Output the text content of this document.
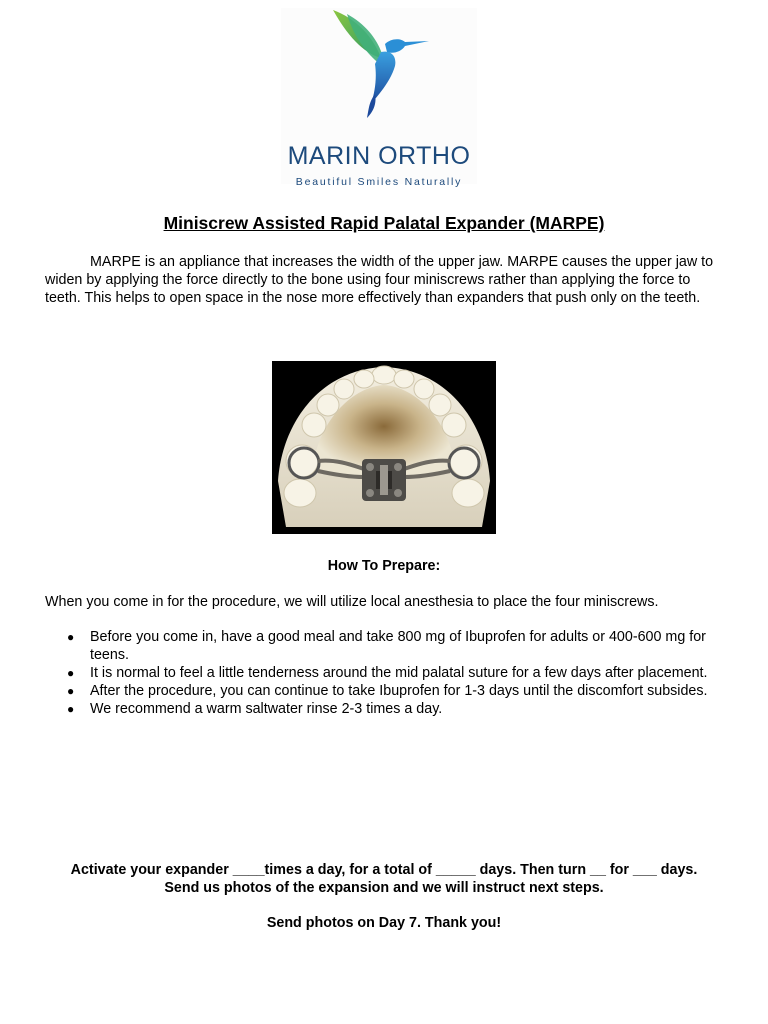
MARIN ORTHO
Beautiful Smiles Naturally
Miniscrew Assisted Rapid Palatal Expander (MARPE)

MARPE is an appliance that increases the width of the upper jaw. MARPE causes the upper jaw to widen by applying the force directly to the bone using four miniscrews rather than applying the force to teeth. This helps to open space in the nose more effectively than expanders that push only on the teeth.

How To Prepare:

When you come in for the procedure, we will utilize local anesthesia to place the four miniscrews.

● Before you come in, have a good meal and take 800 mg of Ibuprofen for adults or 400-600 mg for teens.
● It is normal to feel a little tenderness around the mid palatal suture for a few days after placement.
● After the procedure, you can continue to take Ibuprofen for 1-3 days until the discomfort subsides.
● We recommend a warm saltwater rinse 2-3 times a day.
Activate your expander ____times a day, for a total of _____ days. Then turn __ for ___ days.
Send us photos of the expansion and we will instruct next steps.
Send photos on Day 7. Thank you!
